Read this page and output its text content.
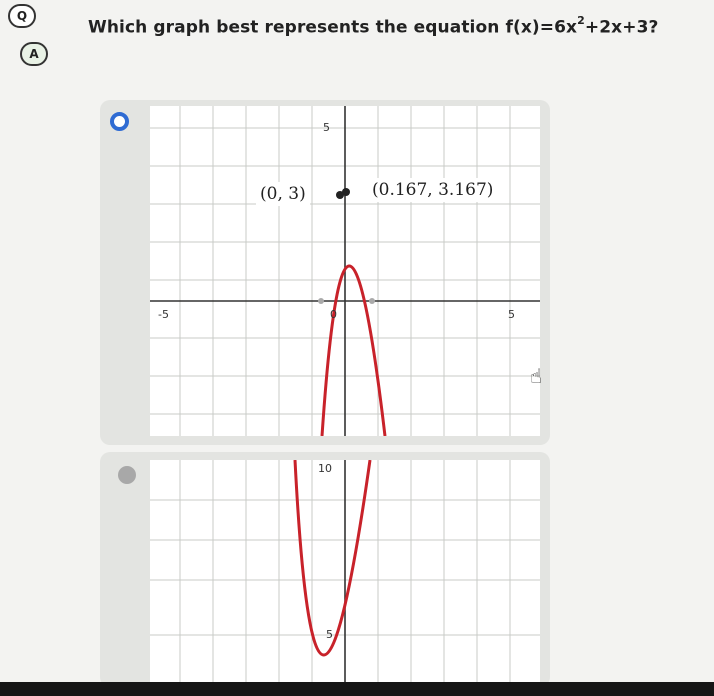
Q
A
Which graph best represents the equation $f(x)=6x^2+2x+3$?
5
-5	0	5
(0, 3)	(0.167, 3.167)
☝
10
5
